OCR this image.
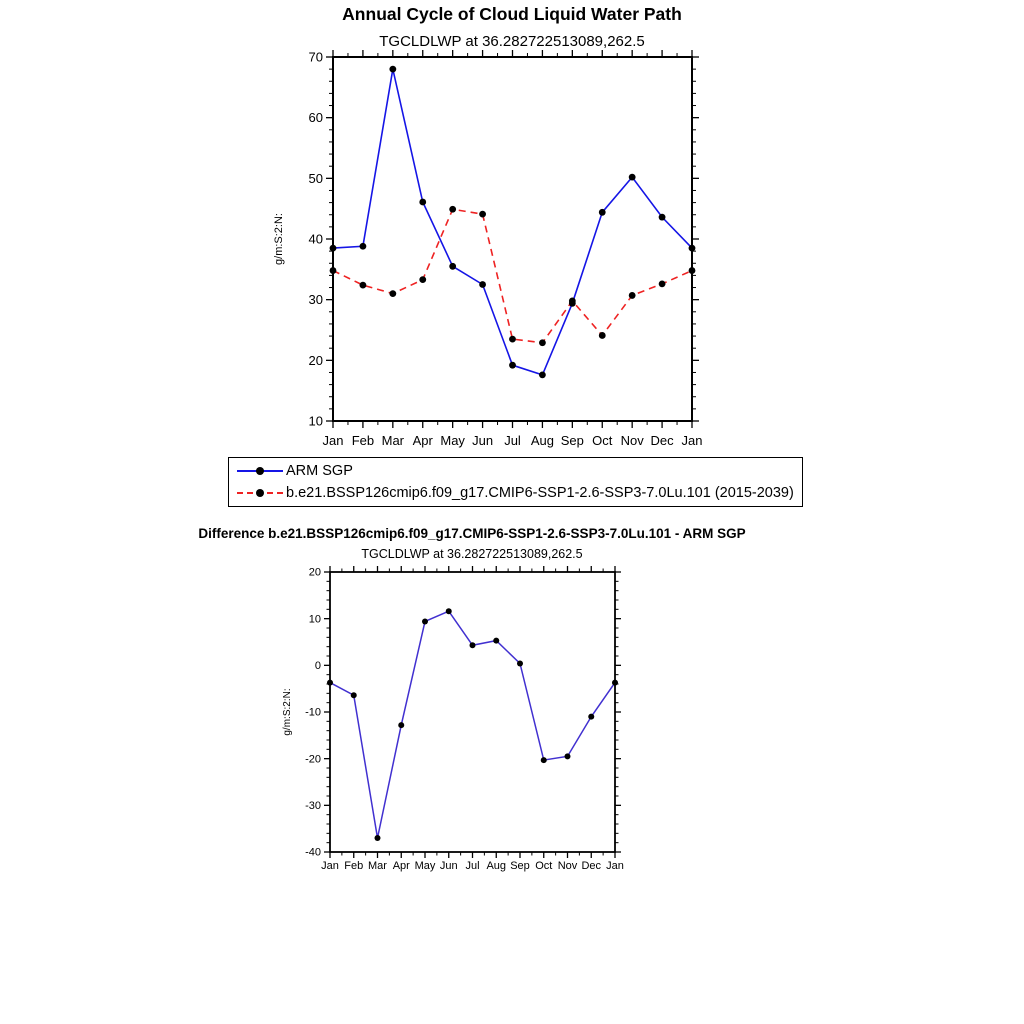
Annual Cycle of Cloud Liquid Water Path
TGCLDLWP at 36.282722513089,262.5
10
20
30
40
50
60
70
Jan Feb Mar Apr May Jun Jul Aug Sep Oct Nov Dec Jan
g/m:S:2:N:
ARM SGP
b.e21.BSSP126cmip6.f09_g17.CMIP6-SSP1-2.6-SSP3-7.0Lu.101 (2015-2039)
Difference b.e21.BSSP126cmip6.f09_g17.CMIP6-SSP1-2.6-SSP3-7.0Lu.101 - ARM SGP
TGCLDLWP at 36.282722513089,262.5
-40
-30
-20
-10
0
10
20
Jan Feb Mar Apr May Jun Jul Aug Sep Oct Nov Dec Jan
g/m:S:2:N:
